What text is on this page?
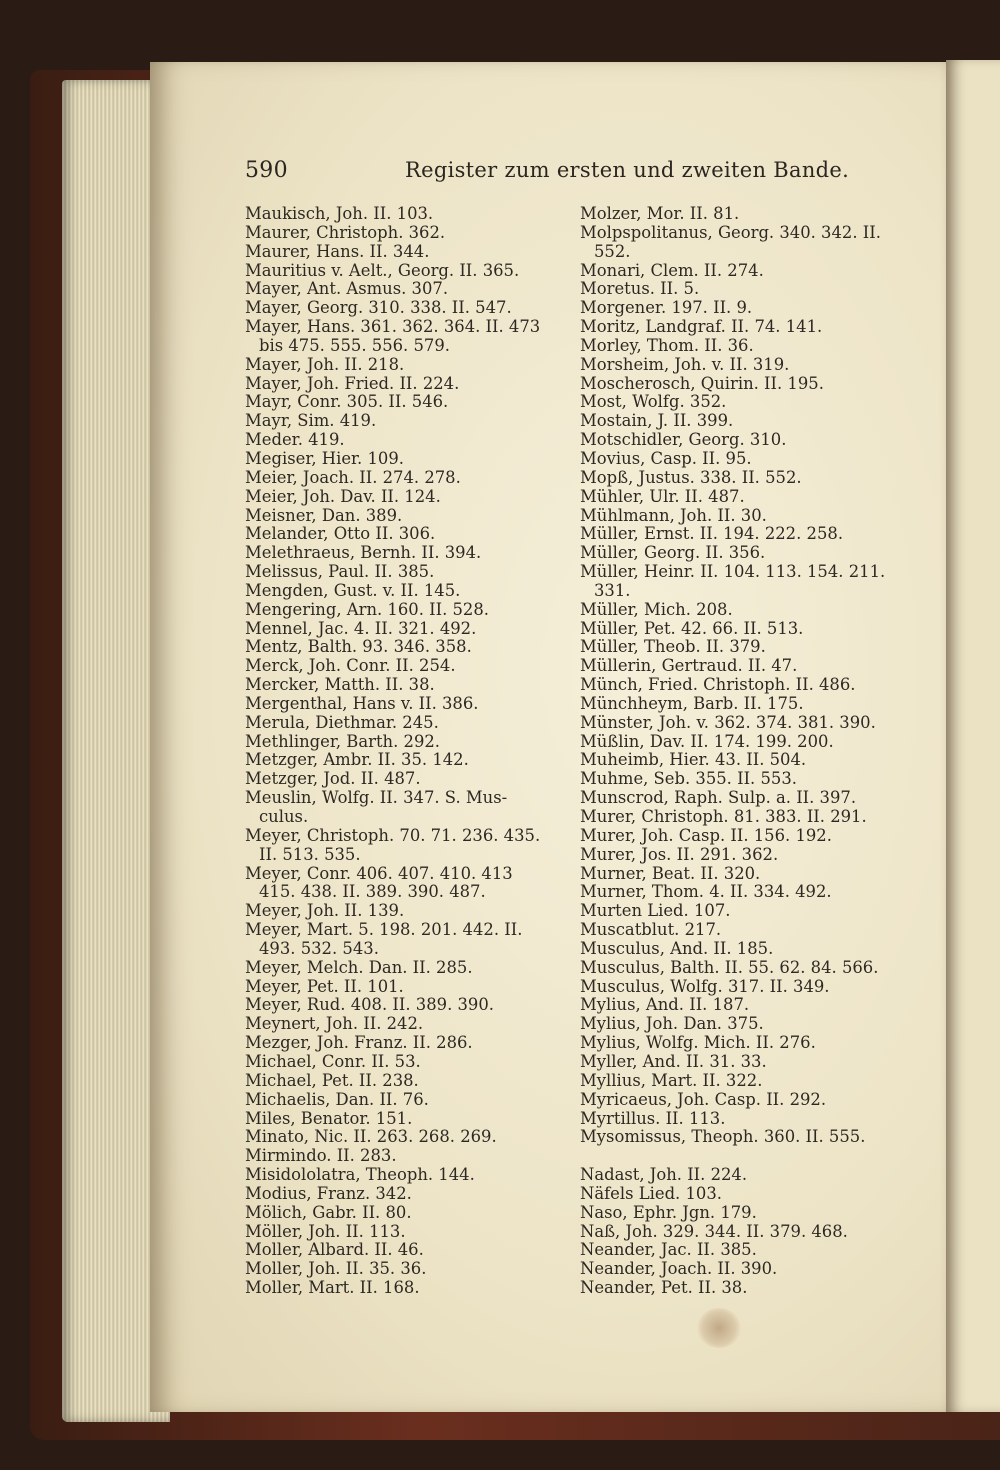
590	Register zum ersten und zweiten Bande.
Maukisch, Joh. II. 103.
Maurer, Christoph. 362.
Maurer, Hans. II. 344.
Mauritius v. Aelt., Georg. II. 365.
Mayer, Ant. Asmus. 307.
Mayer, Georg. 310. 338. II. 547.
Mayer, Hans. 361. 362. 364. II. 473
bis 475. 555. 556. 579.
Mayer, Joh. II. 218.
Mayer, Joh. Fried. II. 224.
Mayr, Conr. 305. II. 546.
Mayr, Sim. 419.
Meder. 419.
Megiser, Hier. 109.
Meier, Joach. II. 274. 278.
Meier, Joh. Dav. II. 124.
Meisner, Dan. 389.
Melander, Otto II. 306.
Melethraeus, Bernh. II. 394.
Melissus, Paul. II. 385.
Mengden, Gust. v. II. 145.
Mengering, Arn. 160. II. 528.
Mennel, Jac. 4. II. 321. 492.
Mentz, Balth. 93. 346. 358.
Merck, Joh. Conr. II. 254.
Mercker, Matth. II. 38.
Mergenthal, Hans v. II. 386.
Merula, Diethmar. 245.
Methlinger, Barth. 292.
Metzger, Ambr. II. 35. 142.
Metzger, Jod. II. 487.
Meuslin, Wolfg. II. 347. S. Mus-
culus.
Meyer, Christoph. 70. 71. 236. 435.
II. 513. 535.
Meyer, Conr. 406. 407. 410. 413
415. 438. II. 389. 390. 487.
Meyer, Joh. II. 139.
Meyer, Mart. 5. 198. 201. 442. II.
493. 532. 543.
Meyer, Melch. Dan. II. 285.
Meyer, Pet. II. 101.
Meyer, Rud. 408. II. 389. 390.
Meynert, Joh. II. 242.
Mezger, Joh. Franz. II. 286.
Michael, Conr. II. 53.
Michael, Pet. II. 238.
Michaelis, Dan. II. 76.
Miles, Benator. 151.
Minato, Nic. II. 263. 268. 269.
Mirmindo. II. 283.
Misidololatra, Theoph. 144.
Modius, Franz. 342.
Mölich, Gabr. II. 80.
Möller, Joh. II. 113.
Moller, Albard. II. 46.
Moller, Joh. II. 35. 36.
Moller, Mart. II. 168.
Molzer, Mor. II. 81.
Molpspolitanus, Georg. 340. 342. II.
552.
Monari, Clem. II. 274.
Moretus. II. 5.
Morgener. 197. II. 9.
Moritz, Landgraf. II. 74. 141.
Morley, Thom. II. 36.
Morsheim, Joh. v. II. 319.
Moscherosch, Quirin. II. 195.
Most, Wolfg. 352.
Mostain, J. II. 399.
Motschidler, Georg. 310.
Movius, Casp. II. 95.
Mopß, Justus. 338. II. 552.
Mühler, Ulr. II. 487.
Mühlmann, Joh. II. 30.
Müller, Ernst. II. 194. 222. 258.
Müller, Georg. II. 356.
Müller, Heinr. II. 104. 113. 154. 211.
331.
Müller, Mich. 208.
Müller, Pet. 42. 66. II. 513.
Müller, Theob. II. 379.
Müllerin, Gertraud. II. 47.
Münch, Fried. Christoph. II. 486.
Münchheym, Barb. II. 175.
Münster, Joh. v. 362. 374. 381. 390.
Müßlin, Dav. II. 174. 199. 200.
Muheimb, Hier. 43. II. 504.
Muhme, Seb. 355. II. 553.
Munscrod, Raph. Sulp. a. II. 397.
Murer, Christoph. 81. 383. II. 291.
Murer, Joh. Casp. II. 156. 192.
Murer, Jos. II. 291. 362.
Murner, Beat. II. 320.
Murner, Thom. 4. II. 334. 492.
Murten Lied. 107.
Muscatblut. 217.
Musculus, And. II. 185.
Musculus, Balth. II. 55. 62. 84. 566.
Musculus, Wolfg. 317. II. 349.
Mylius, And. II. 187.
Mylius, Joh. Dan. 375.
Mylius, Wolfg. Mich. II. 276.
Myller, And. II. 31. 33.
Myllius, Mart. II. 322.
Myricaeus, Joh. Casp. II. 292.
Myrtillus. II. 113.
Mysomissus, Theoph. 360. II. 555.
Nadast, Joh. II. 224.
Näfels Lied. 103.
Naso, Ephr. Jgn. 179.
Naß, Joh. 329. 344. II. 379. 468.
Neander, Jac. II. 385.
Neander, Joach. II. 390.
Neander, Pet. II. 38.
